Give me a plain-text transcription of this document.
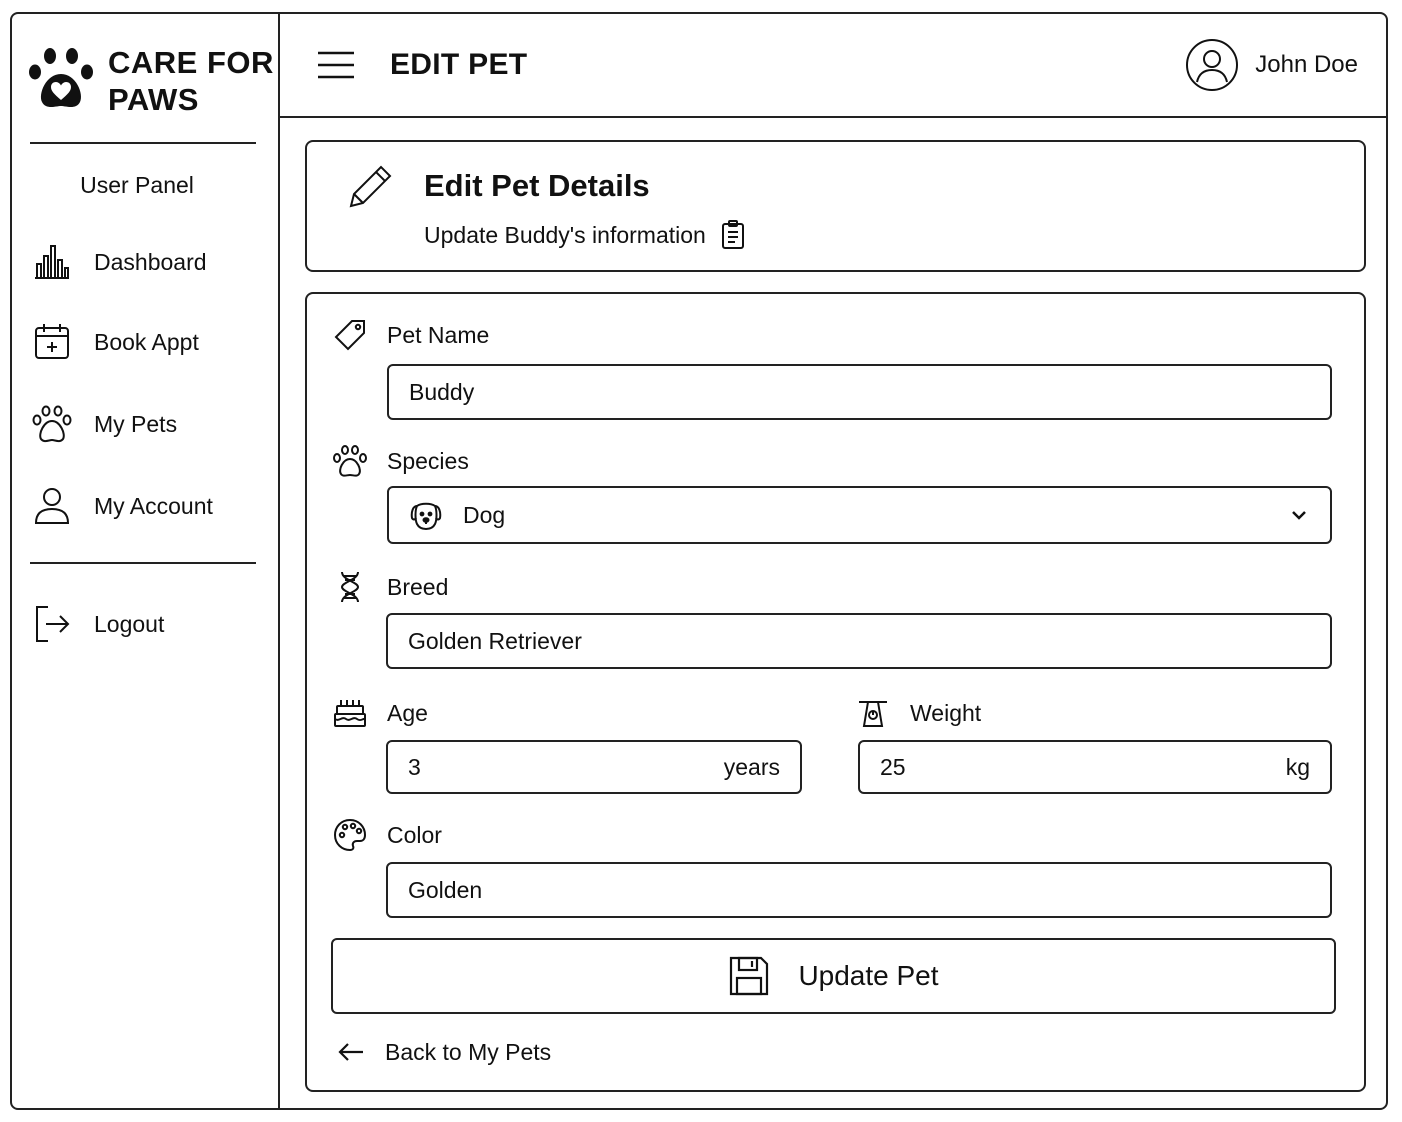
CARE FOR
PAWS
User Panel
Dashboard
Book Appt
My Pets
My Account
Logout
EDIT PET	John Doe
Edit Pet Details
Update Buddy's information
Pet Name
Buddy
Species
Dog
Breed
Golden Retriever
Age
3	years
Weight
25	kg
Color
Golden
Update Pet
Back to My Pets
